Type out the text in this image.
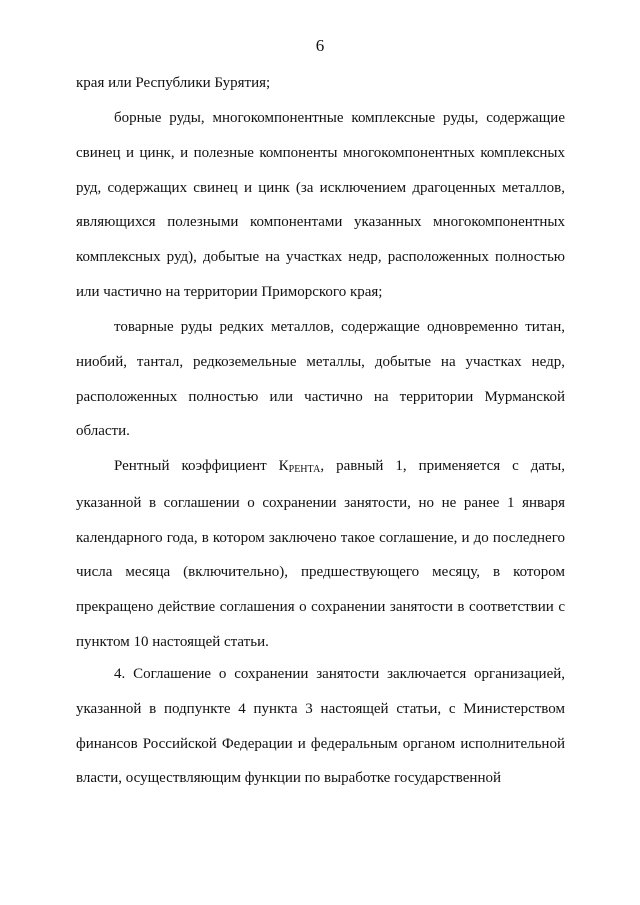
6

края или Республики Бурятия;

борные руды, многокомпонентные комплексные руды, содержащие свинец и цинк, и полезные компоненты многокомпонентных комплексных руд, содержащих свинец и цинк (за исключением драгоценных металлов, являющихся полезными компонентами указанных многокомпонентных комплексных руд), добытые на участках недр, расположенных полностью или частично на территории Приморского края;

товарные руды редких металлов, содержащие одновременно титан, ниобий, тантал, редкоземельные металлы, добытые на участках недр, расположенных полностью или частично на территории Мурманской области.

Рентный коэффициент КРЕНТА, равный 1, применяется с даты, указанной в соглашении о сохранении занятости, но не ранее 1 января календарного года, в котором заключено такое соглашение, и до последнего числа месяца (включительно), предшествующего месяцу, в котором прекращено действие соглашения о сохранении занятости в соответствии с пунктом 10 настоящей статьи.

4. Соглашение о сохранении занятости заключается организацией, указанной в подпункте 4 пункта 3 настоящей статьи, с Министерством финансов Российской Федерации и федеральным органом исполнительной власти, осуществляющим функции по выработке государственной
